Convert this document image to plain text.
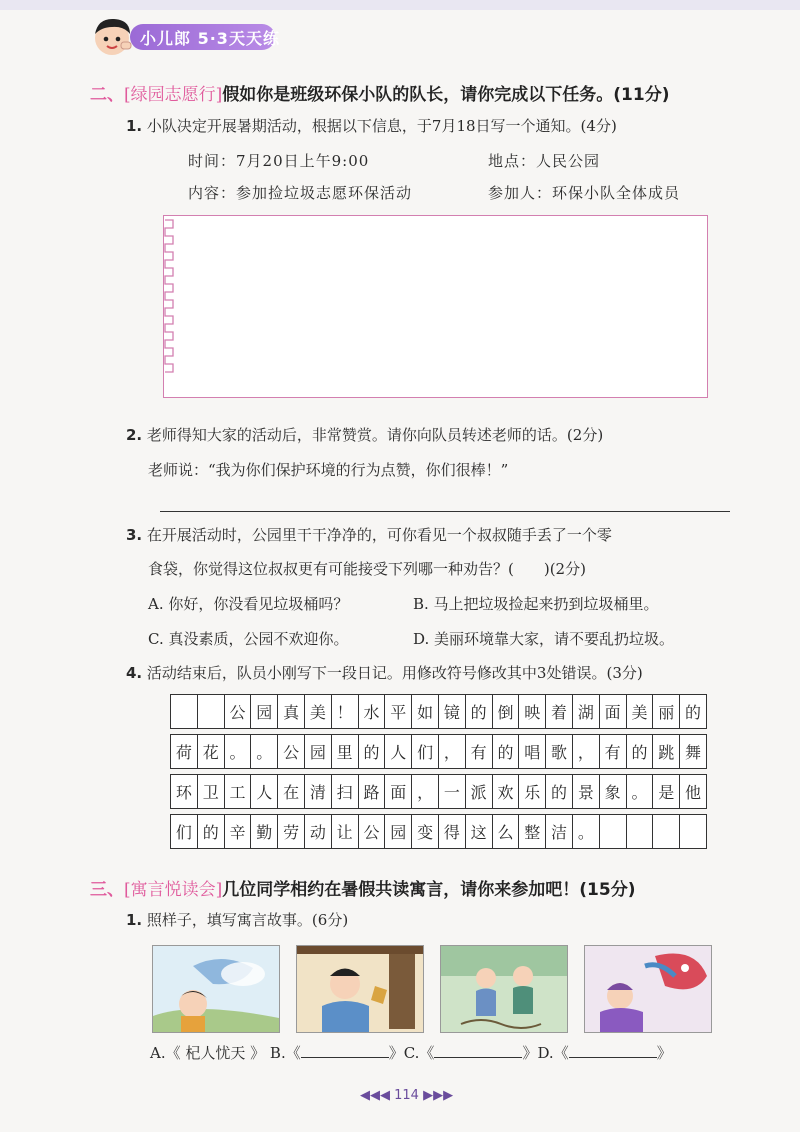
小儿郎 5·3天天练
二、[绿园志愿行]假如你是班级环保小队的队长，请你完成以下任务。(11分)
1. 小队决定开展暑期活动，根据以下信息，于7月18日写一个通知。(4分)
时间：7月20日上午9:00	地点：人民公园
内容：参加捡垃圾志愿环保活动	参加人：环保小队全体成员
2. 老师得知大家的活动后，非常赞赏。请你向队员转述老师的话。(2分)
老师说：“我为你们保护环境的行为点赞，你们很棒！”
3. 在开展活动时，公园里干干净净的，可你看见一个叔叔随手丢了一个零
食袋，你觉得这位叔叔更有可能接受下列哪一种劝告？(　　)(2分)
A. 你好，你没看见垃圾桶吗？	B. 马上把垃圾捡起来扔到垃圾桶里。
C. 真没素质，公园不欢迎你。	D. 美丽环境靠大家，请不要乱扔垃圾。
4. 活动结束后，队员小刚写下一段日记。用修改符号修改其中3处错误。(3分)
		公	园	真	美	！	水	平	如	镜	的	倒	映	着	湖	面	美	丽	的

荷	花	。	。	公	园	里	的	人	们	，	有	的	唱	歌	，	有	的	跳	舞

环	卫	工	人	在	清	扫	路	面	，	一	派	欢	乐	的	景	象	。	是	他

们	的	辛	勤	劳	动	让	公	园	变	得	这	么	整	洁	。				
三、[寓言悦读会]几位同学相约在暑假共读寓言，请你来参加吧！(15分)
1. 照样子，填写寓言故事。(6分)
A.《 杞人忧天 》 B.《	》C.《	》D.《	》
◀◀◀ 114 ▶▶▶
